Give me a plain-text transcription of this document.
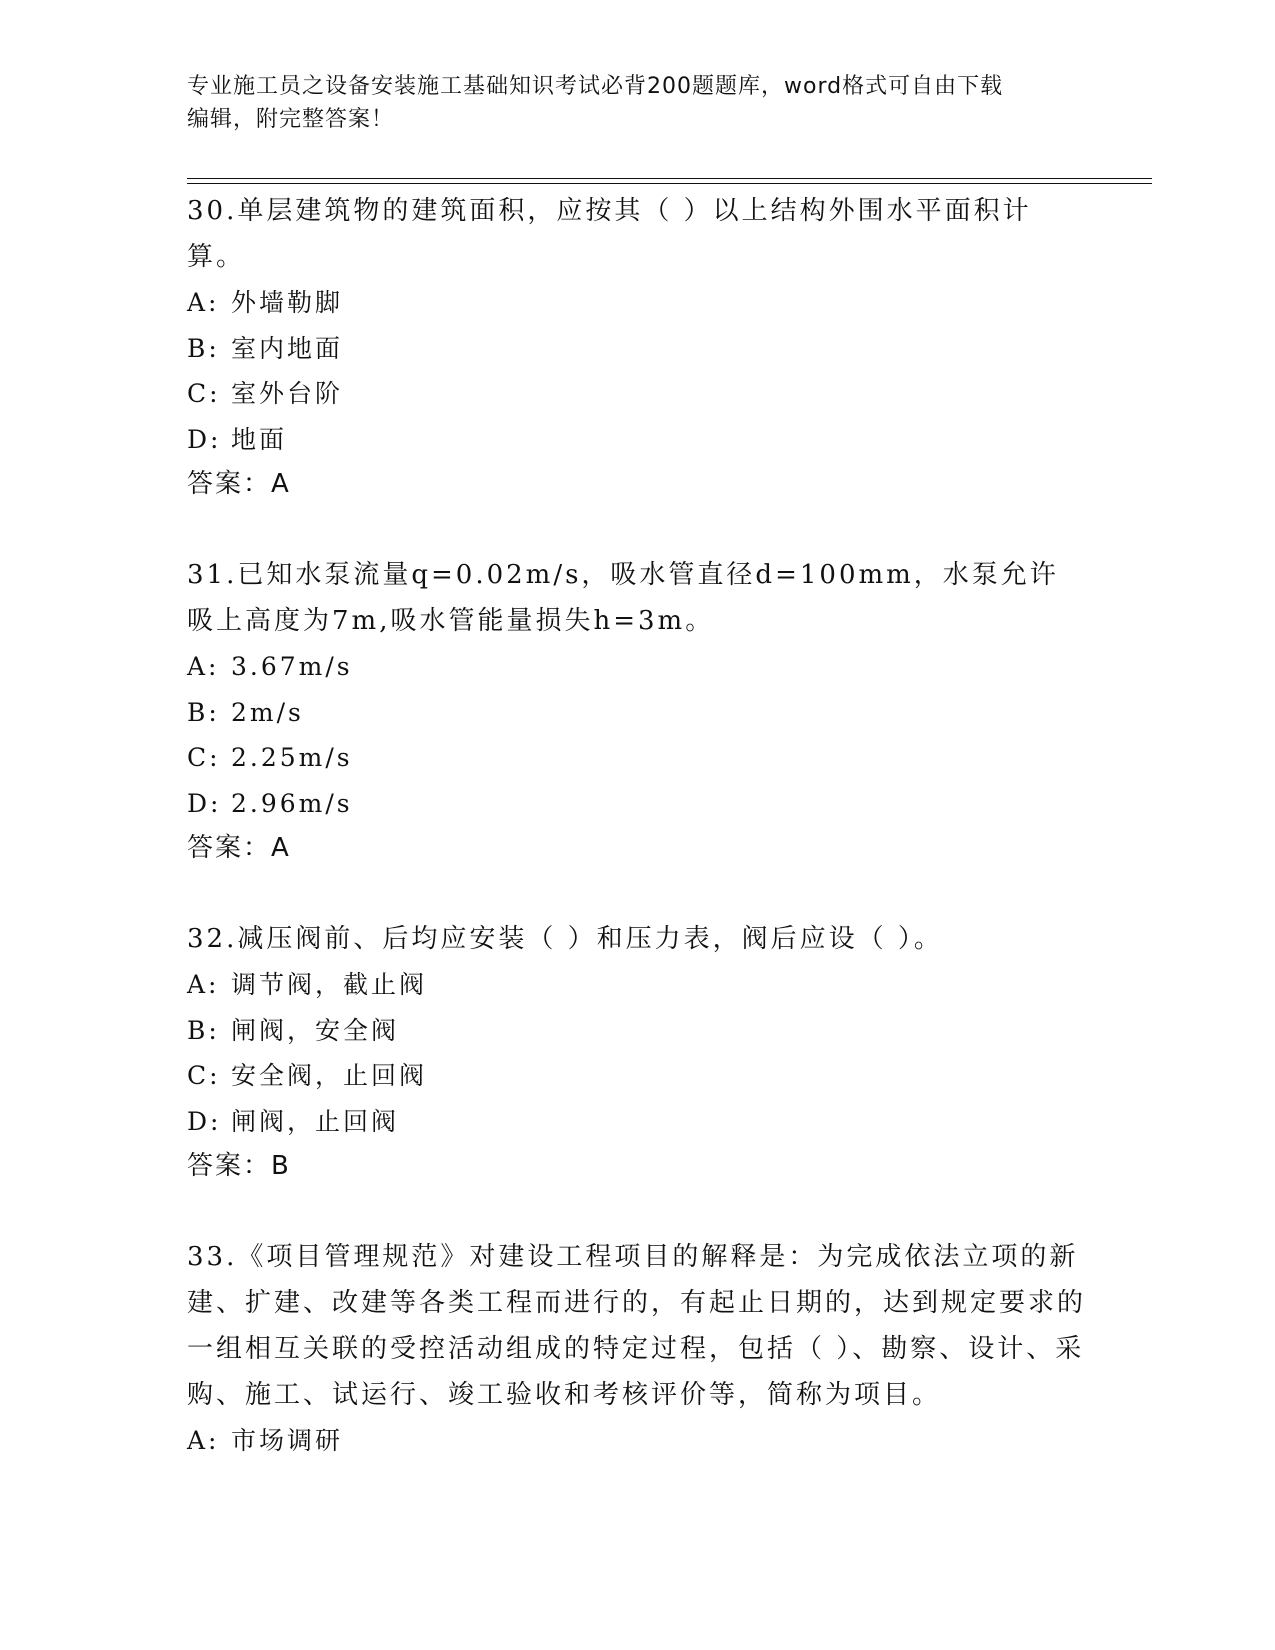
专业施工员之设备安装施工基础知识考试必背200题题库，word格式可自由下载
编辑，附完整答案！

30.单层建筑物的建筑面积，应按其（ ）以上结构外围水平面积计算。

A: 外墙勒脚
B: 室内地面
C: 室外台阶
D: 地面
答案：A

31.已知水泵流量q=0.02m/s，吸水管直径d=100mm，水泵允许吸上高度为7m,吸水管能量损失h=3m。

A: 3.67m/s
B: 2m/s
C: 2.25m/s
D: 2.96m/s
答案：A

32.减压阀前、后均应安装（ ）和压力表，阀后应设（ ）。

A: 调节阀，截止阀
B: 闸阀，安全阀
C: 安全阀，止回阀
D: 闸阀，止回阀
答案：B

33.《项目管理规范》对建设工程项目的解释是：为完成依法立项的新建、扩建、改建等各类工程而进行的，有起止日期的，达到规定要求的一组相互关联的受控活动组成的特定过程，包括（ ）、勘察、设计、采购、施工、试运行、竣工验收和考核评价等，简称为项目。

A: 市场调研
